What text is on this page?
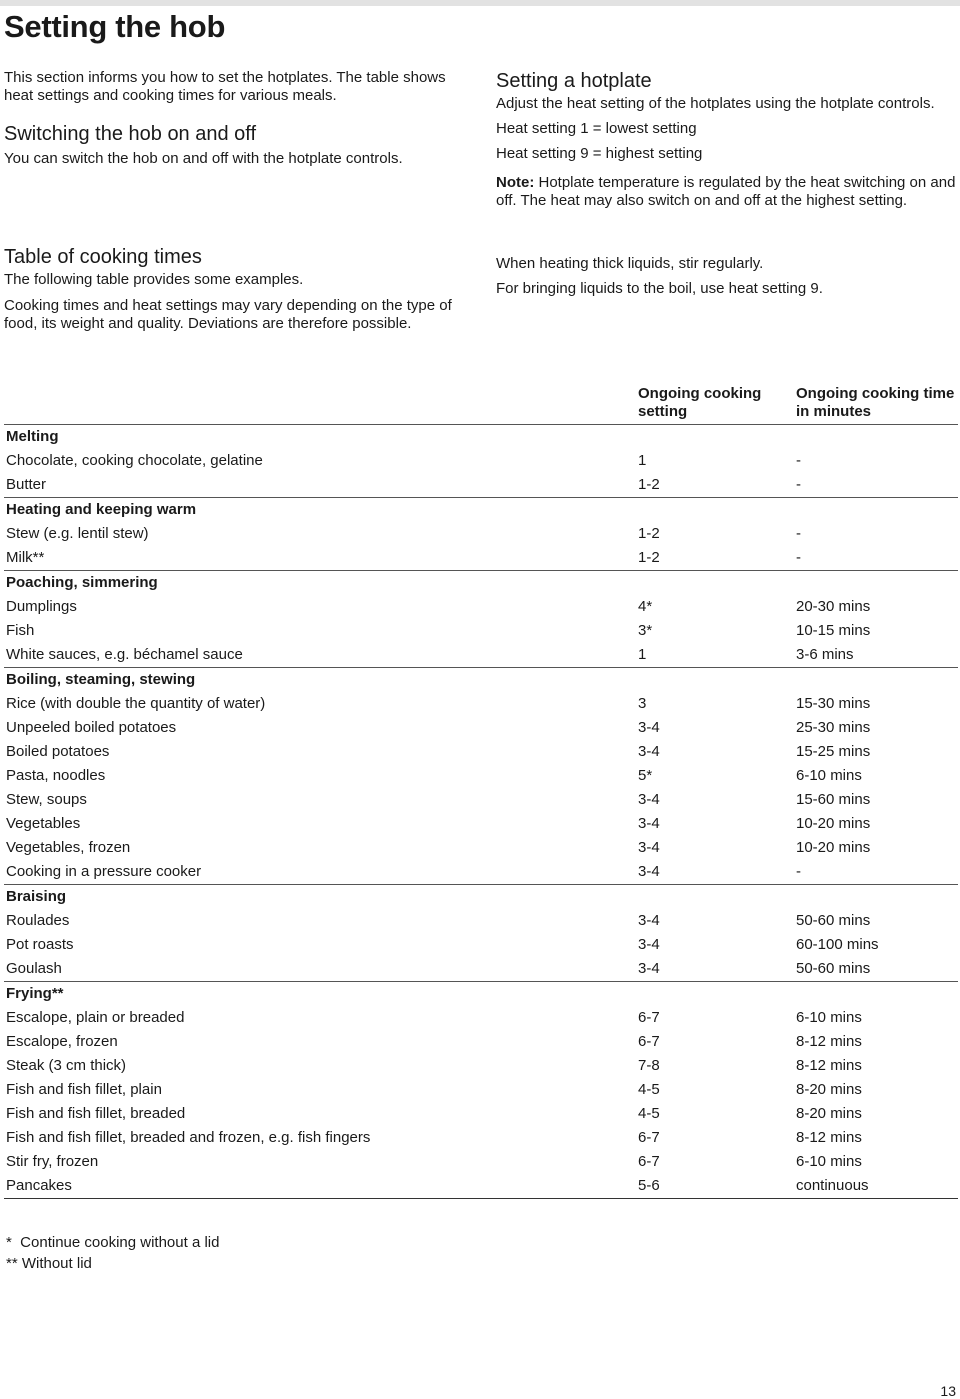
Setting the hob

This section informs you how to set the hotplates. The table shows heat settings and cooking times for various meals.

Switching the hob on and off

You can switch the hob on and off with the hotplate controls.

Table of cooking times

The following table provides some examples.

Cooking times and heat settings may vary depending on the type of food, its weight and quality. Deviations are therefore possible.

Setting a hotplate

Adjust the heat setting of the hotplates using the hotplate controls.

Heat setting 1 = lowest setting

Heat setting 9 = highest setting

Note: Hotplate temperature is regulated by the heat switching on and off. The heat may also switch on and off at the highest setting.

When heating thick liquids, stir regularly.

For bringing liquids to the boil, use heat setting 9.

	Ongoing cooking setting	Ongoing cooking time in minutes
Melting		
Chocolate, cooking chocolate, gelatine	1	-
Butter	1-2	-
Heating and keeping warm		
Stew (e.g. lentil stew)	1-2	-
Milk**	1-2	-
Poaching, simmering		
Dumplings	4*	20-30 mins
Fish	3*	10-15 mins
White sauces, e.g. béchamel sauce	1	3-6 mins
Boiling, steaming, stewing		
Rice (with double the quantity of water)	3	15-30 mins
Unpeeled boiled potatoes	3-4	25-30 mins
Boiled potatoes	3-4	15-25 mins
Pasta, noodles	5*	6-10 mins
Stew, soups	3-4	15-60 mins
Vegetables	3-4	10-20 mins
Vegetables, frozen	3-4	10-20 mins
Cooking in a pressure cooker	3-4	-
Braising		
Roulades	3-4	50-60 mins
Pot roasts	3-4	60-100 mins
Goulash	3-4	50-60 mins
Frying**		
Escalope, plain or breaded	6-7	6-10 mins
Escalope, frozen	6-7	8-12 mins
Steak (3 cm thick)	7-8	8-12 mins
Fish and fish fillet, plain	4-5	8-20 mins
Fish and fish fillet, breaded	4-5	8-20 mins
Fish and fish fillet, breaded and frozen, e.g. fish fingers	6-7	8-12 mins
Stir fry, frozen	6-7	6-10 mins
Pancakes	5-6	continuous
*  Continue cooking without a lid
** Without lid
13
